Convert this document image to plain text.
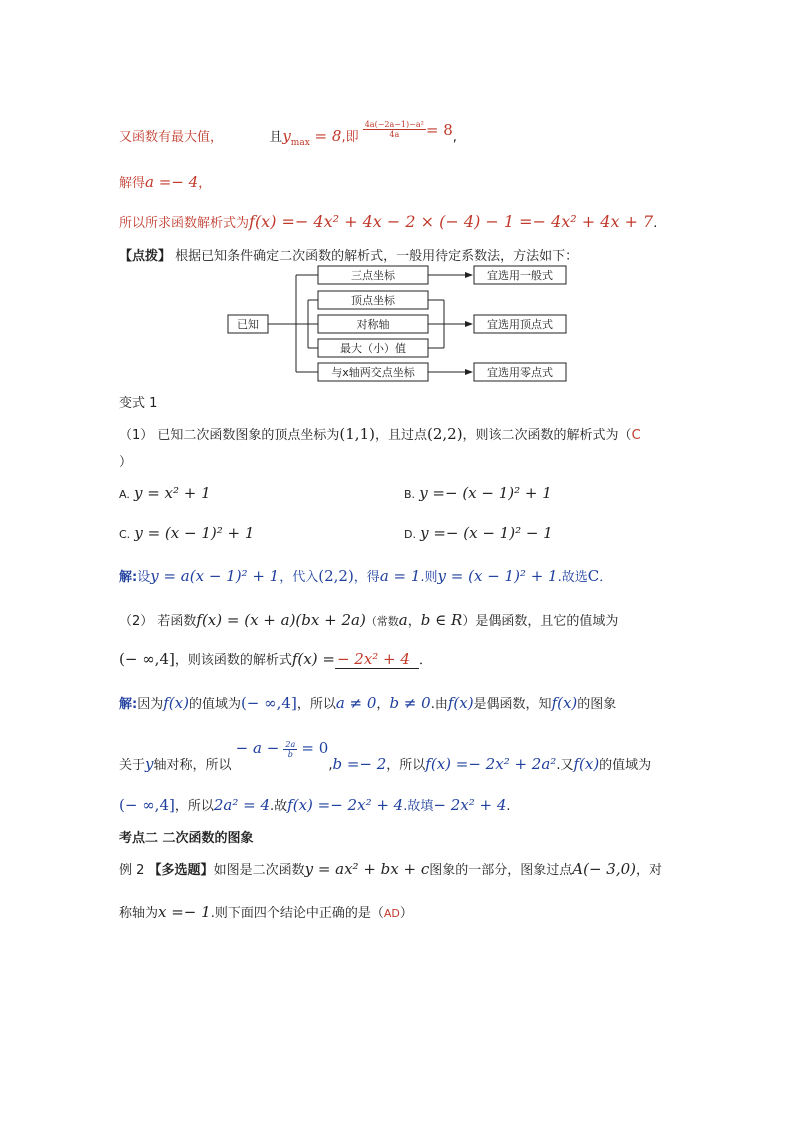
又函数有最大值，	且$y_{max} = 8$,即 $\frac{\text{4a(−2a−1)−a²}}{4a} = 8$,
解得a =− 4，
所以所求函数解析式为f(x) =− 4x² + 4x − 2 × (− 4) − 1 =− 4x² + 4x + 7.
【点拨】 根据已知条件确定二次函数的解析式，一般用待定系数法，方法如下：
已知
三点坐标
顶点坐标
对称轴
最大（小）值
与x轴两交点坐标
宜选用一般式
宜选用顶点式
宜选用零点式
变式 1
（1） 已知二次函数图象的顶点坐标为(1,1)，且过点(2,2)，则该二次函数的解析式为（C
）
A. y = x² + 1	B. y =− (x − 1)² + 1
C. y = (x − 1)² + 1	D. y =− (x − 1)² − 1
解:设y = a(x − 1)² + 1，代入(2,2)，得a = 1.则y = (x − 1)² + 1.故选C．
（2） 若函数f(x) = (x + a)(bx + 2a)（常数a，b ∈ R）是偶函数，且它的值域为
(− ∞,4]，则该函数的解析式f(x) = − 2x² + 4 ．
解:因为f(x)的值域为(− ∞,4]，所以a ≠ 0，b ≠ 0.由f(x)是偶函数，知f(x)的图象
关于y轴对称，所以 − $a - \frac{2a}{b} = 0,b =- 2$，所以f(x) =− 2x² + 2a².又f(x)的值域为
(− ∞,4]，所以2a² = 4.故f(x) =− 2x² + 4.故填− 2x² + 4.
考点二 二次函数的图象
例 2 【多选题】如图是二次函数y = ax² + bx + c图象的一部分，图象过点A(− 3,0)，对
称轴为x =− 1.则下面四个结论中正确的是（AD）
